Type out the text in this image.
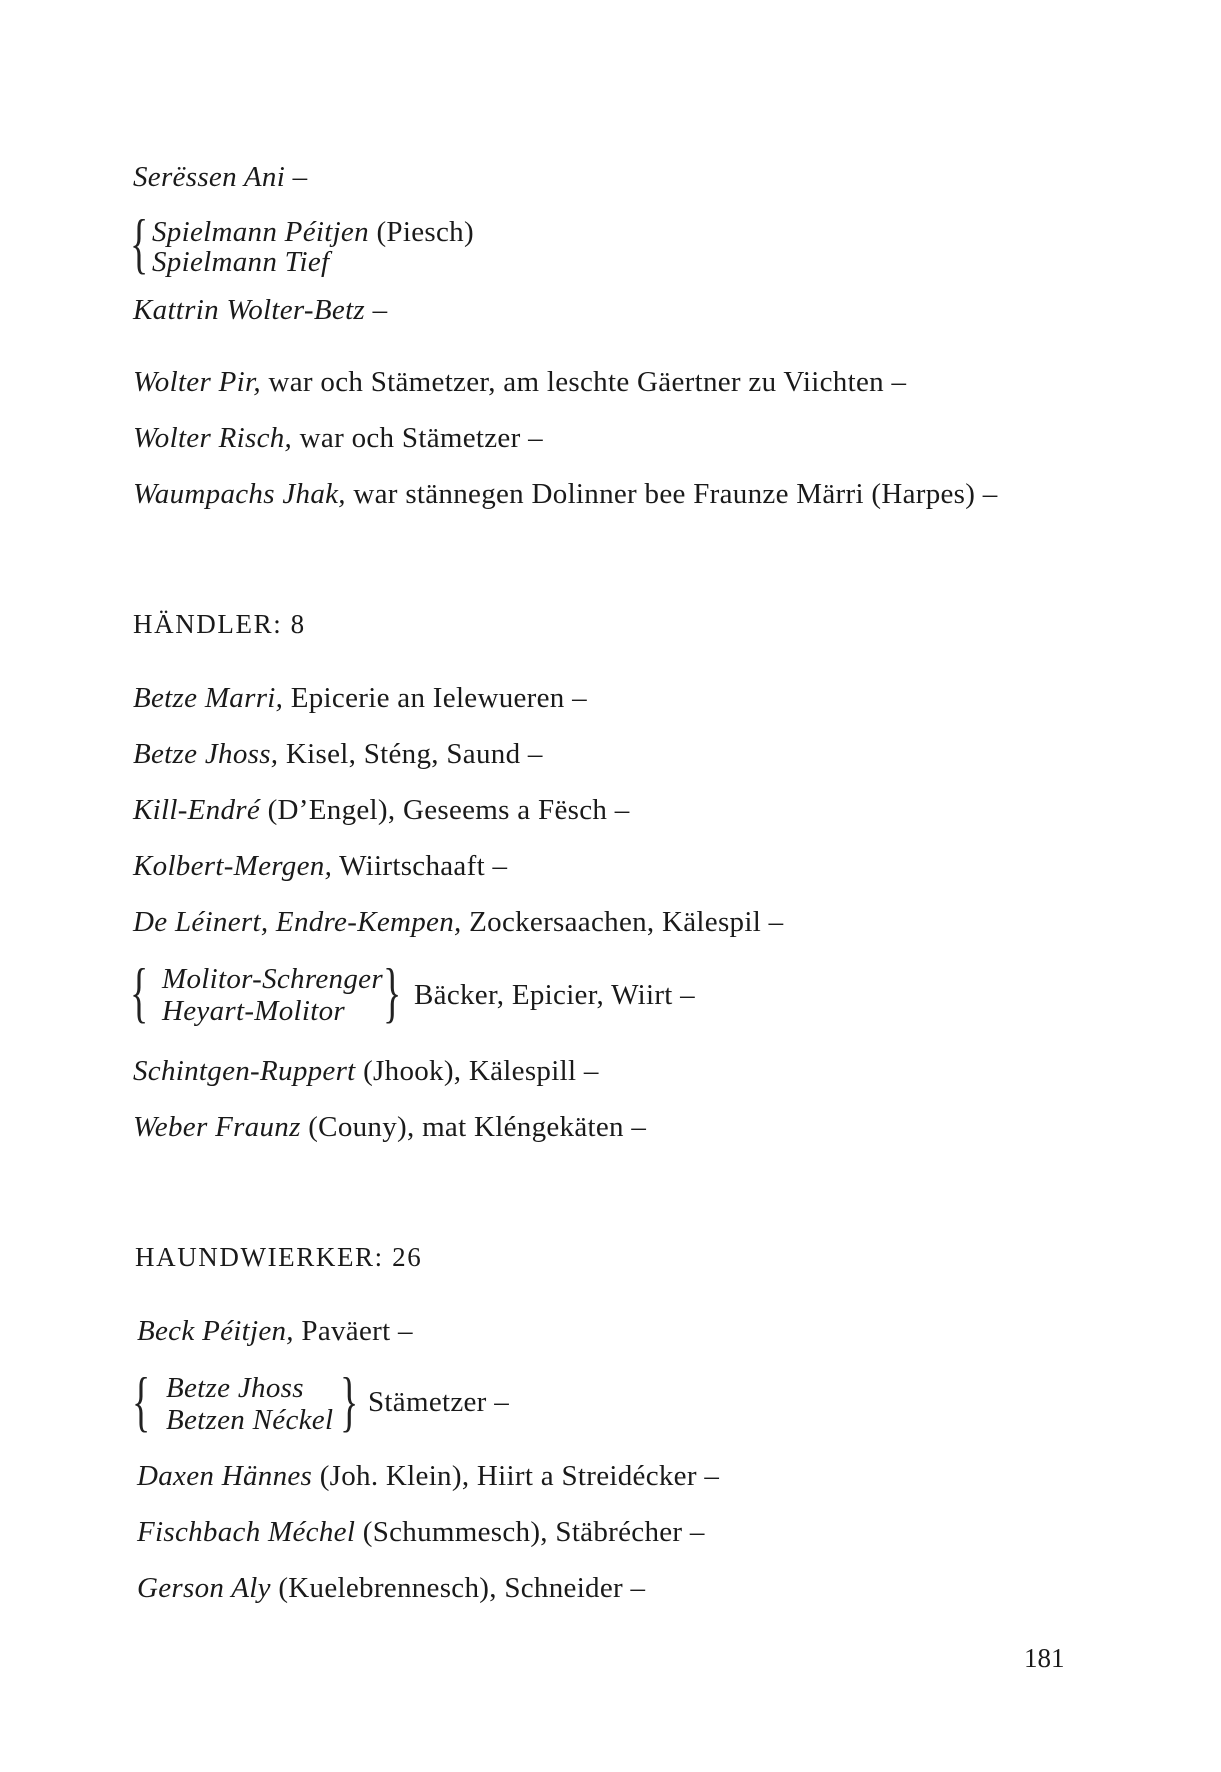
Serëssen Ani –
{ Spielmann Péitjen (Piesch)
Spielmann Tief
Kattrin Wolter-Betz –
Wolter Pir, war och Stämetzer, am leschte Gäertner zu Viichten –
Wolter Risch, war och Stämetzer –
Waumpachs Jhak, war stännegen Dolinner bee Fraunze Märri (Harpes) –
HÄNDLER: 8
Betze Marri, Epicerie an Ielewueren –
Betze Jhoss, Kisel, Sténg, Saund –
Kill-Endré (D’Engel), Geseems a Fësch –
Kolbert-Mergen, Wiirtschaaft –
De Léinert, Endre-Kempen, Zockersaachen, Kälespil –
{ Molitor-Schrenger
Heyart-Molitor } Bäcker, Epicier, Wiirt –
Schintgen-Ruppert (Jhook), Kälespill –
Weber Fraunz (Couny), mat Kléngekäten –
HAUNDWIERKER: 26
Beck Péitjen, Paväert –
{ Betze Jhoss
Betzen Néckel } Stämetzer –
Daxen Hännes (Joh. Klein), Hiirt a Streidécker –
Fischbach Méchel (Schummesch), Stäbrécher –
Gerson Aly (Kuelebrennesch), Schneider –
181
